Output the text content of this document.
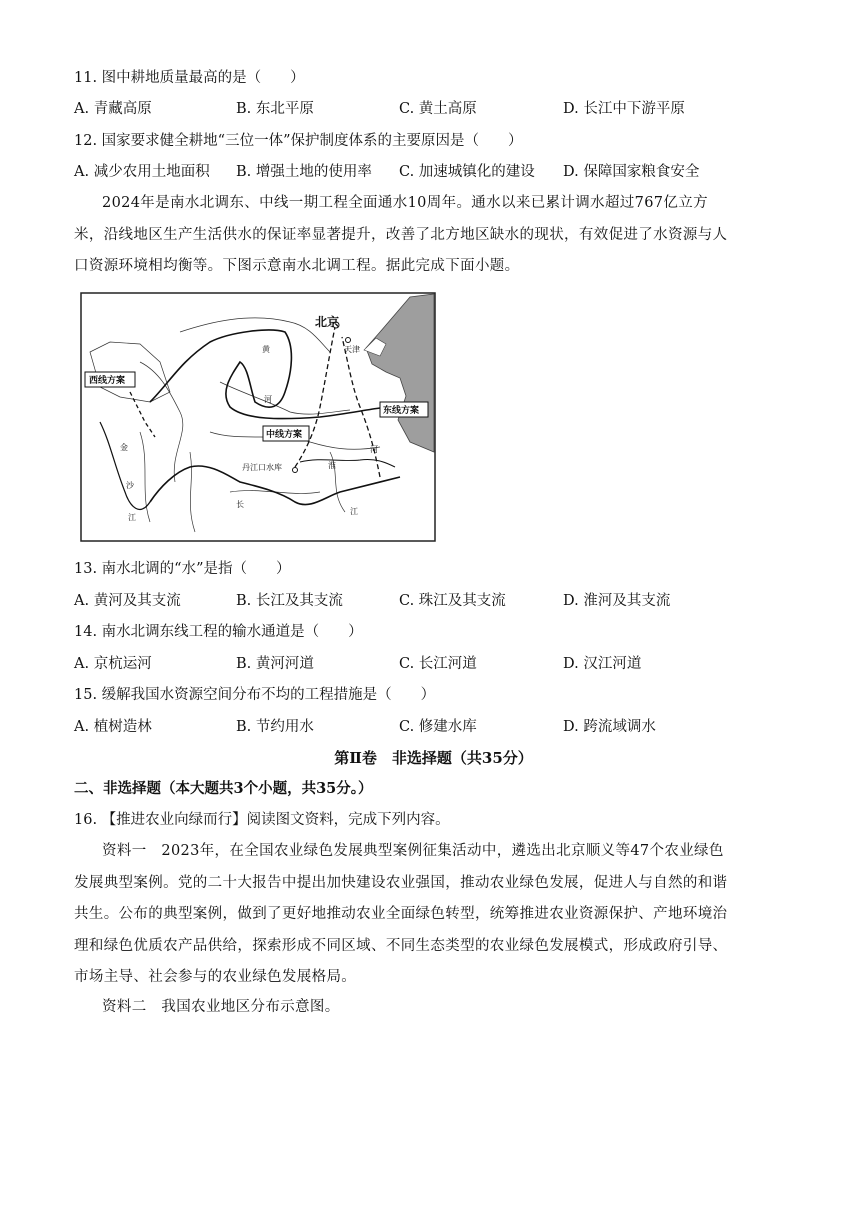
11. 图中耕地质量最高的是（　　）
A. 青藏高原	B. 东北平原	C. 黄土高原	D. 长江中下游平原
12. 国家要求健全耕地“三位一体”保护制度体系的主要原因是（　　）
A. 减少农用土地面积 B. 增强土地的使用率 C. 加速城镇化的建设 D. 保障国家粮食安全
2024年是南水北调东、中线一期工程全面通水10周年。通水以来已累计调水超过767亿立方米，沿线地区生产生活供水的保证率显著提升，改善了北方地区缺水的现状，有效促进了水资源与人口资源环境相均衡等。下图示意南水北调工程。据此完成下面小题。
北京
天津
黄
河
长
江
淮
河
金
沙
江
丹江口水库
西线方案
中线方案
东线方案
13. 南水北调的“水”是指（　　）
A. 黄河及其支流	B. 长江及其支流	C. 珠江及其支流	D. 淮河及其支流
14. 南水北调东线工程的输水通道是（　　）
A. 京杭运河	B. 黄河河道	C. 长江河道	D. 汉江河道
15. 缓解我国水资源空间分布不均的工程措施是（　　）
A. 植树造林	B. 节约用水	C. 修建水库	D. 跨流域调水
第Ⅱ卷　非选择题（共35分）
二、非选择题（本大题共3个小题，共35分。）
16. 【推进农业向绿而行】阅读图文资料，完成下列内容。
资料一　2023年，在全国农业绿色发展典型案例征集活动中，遴选出北京顺义等47个农业绿色发展典型案例。党的二十大报告中提出加快建设农业强国，推动农业绿色发展，促进人与自然的和谐共生。公布的典型案例，做到了更好地推动农业全面绿色转型，统筹推进农业资源保护、产地环境治理和绿色优质农产品供给，探索形成不同区域、不同生态类型的农业绿色发展模式，形成政府引导、市场主导、社会参与的农业绿色发展格局。
资料二　我国农业地区分布示意图。
